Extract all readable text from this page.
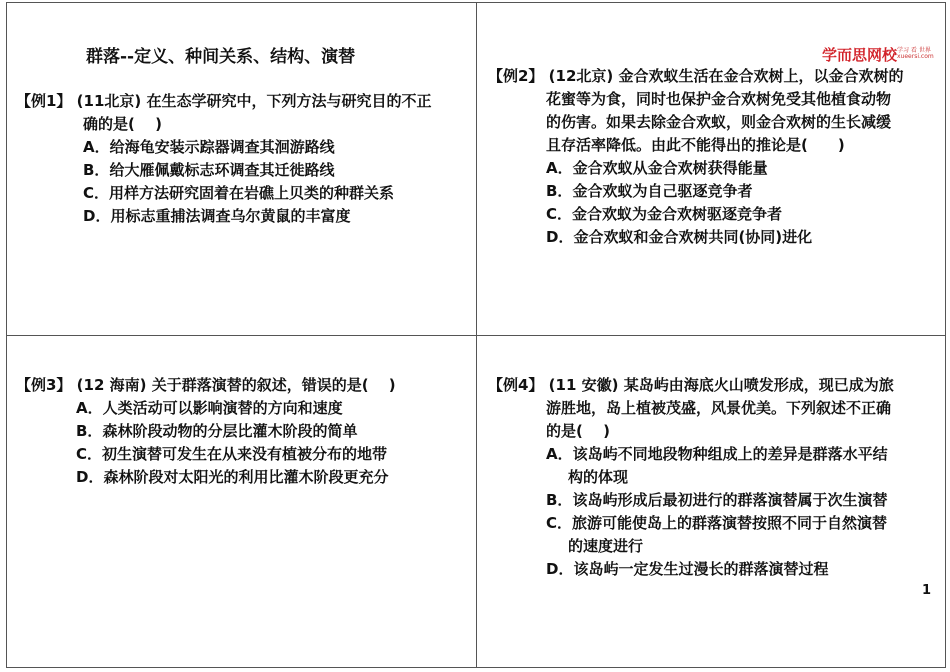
群落--定义、种间关系、结构、演替	学而思网校 学习 看 世界
xueersi.com
【例1】 (11北京) 在生态学研究中，下列方法与研究目的不正
确的是(　 )
A．给海龟安装示踪器调查其洄游路线
B．给大雁佩戴标志环调查其迁徙路线
C．用样方法研究固着在岩礁上贝类的种群关系
D．用标志重捕法调查乌尔黄鼠的丰富度
【例2】 (12北京) 金合欢蚁生活在金合欢树上，以金合欢树的
花蜜等为食，同时也保护金合欢树免受其他植食动物
的伤害。如果去除金合欢蚁，则金合欢树的生长减缓
且存活率降低。由此不能得出的推论是(　　)
A．金合欢蚁从金合欢树获得能量
B．金合欢蚁为自己驱逐竞争者
C．金合欢蚁为金合欢树驱逐竞争者
D．金合欢蚁和金合欢树共同(协同)进化
【例3】 (12 海南) 关于群落演替的叙述，错误的是(　 )
A．人类活动可以影响演替的方向和速度
B．森林阶段动物的分层比灌木阶段的简单
C．初生演替可发生在从来没有植被分布的地带
D．森林阶段对太阳光的利用比灌木阶段更充分
【例4】 (11 安徽) 某岛屿由海底火山喷发形成，现已成为旅
游胜地，岛上植被茂盛，风景优美。下列叙述不正确
的是(　 )
A．该岛屿不同地段物种组成上的差异是群落水平结
构的体现
B．该岛屿形成后最初进行的群落演替属于次生演替
C．旅游可能使岛上的群落演替按照不同于自然演替
的速度进行
D．该岛屿一定发生过漫长的群落演替过程
1
